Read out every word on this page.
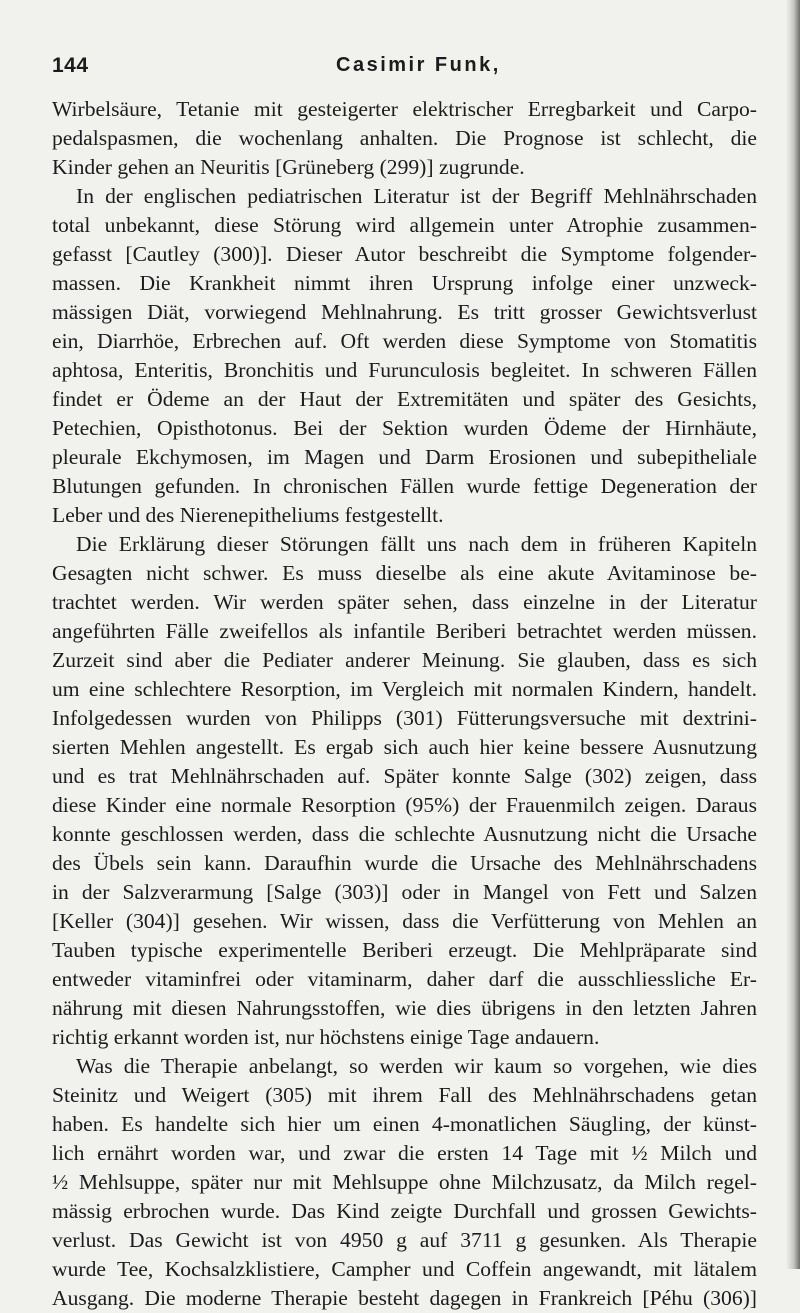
144	Casimir Funk,
Wirbelsäure, Tetanie mit gesteigerter elektrischer Erregbarkeit und Carpo-
pedalspasmen, die wochenlang anhalten. Die Prognose ist schlecht, die
Kinder gehen an Neuritis [Grüneberg (299)] zugrunde.
In der englischen pediatrischen Literatur ist der Begriff Mehlnährschaden
total unbekannt, diese Störung wird allgemein unter Atrophie zusammen-
gefasst [Cautley (300)]. Dieser Autor beschreibt die Symptome folgender-
massen. Die Krankheit nimmt ihren Ursprung infolge einer unzweck-
mässigen Diät, vorwiegend Mehlnahrung. Es tritt grosser Gewichtsverlust
ein, Diarrhöe, Erbrechen auf. Oft werden diese Symptome von Stomatitis
aphtosa, Enteritis, Bronchitis und Furunculosis begleitet. In schweren Fällen
findet er Ödeme an der Haut der Extremitäten und später des Gesichts,
Petechien, Opisthotonus. Bei der Sektion wurden Ödeme der Hirnhäute,
pleurale Ekchymosen, im Magen und Darm Erosionen und subepitheliale
Blutungen gefunden. In chronischen Fällen wurde fettige Degeneration der
Leber und des Nierenepitheliums festgestellt.
Die Erklärung dieser Störungen fällt uns nach dem in früheren Kapiteln
Gesagten nicht schwer. Es muss dieselbe als eine akute Avitaminose be-
trachtet werden. Wir werden später sehen, dass einzelne in der Literatur
angeführten Fälle zweifellos als infantile Beriberi betrachtet werden müssen.
Zurzeit sind aber die Pediater anderer Meinung. Sie glauben, dass es sich
um eine schlechtere Resorption, im Vergleich mit normalen Kindern, handelt.
Infolgedessen wurden von Philipps (301) Fütterungsversuche mit dextrini-
sierten Mehlen angestellt. Es ergab sich auch hier keine bessere Ausnutzung
und es trat Mehlnährschaden auf. Später konnte Salge (302) zeigen, dass
diese Kinder eine normale Resorption (95%) der Frauenmilch zeigen. Daraus
konnte geschlossen werden, dass die schlechte Ausnutzung nicht die Ursache
des Übels sein kann. Daraufhin wurde die Ursache des Mehlnährschadens
in der Salzverarmung [Salge (303)] oder in Mangel von Fett und Salzen
[Keller (304)] gesehen. Wir wissen, dass die Verfütterung von Mehlen an
Tauben typische experimentelle Beriberi erzeugt. Die Mehlpräparate sind
entweder vitaminfrei oder vitaminarm, daher darf die ausschliessliche Er-
nährung mit diesen Nahrungsstoffen, wie dies übrigens in den letzten Jahren
richtig erkannt worden ist, nur höchstens einige Tage andauern.
Was die Therapie anbelangt, so werden wir kaum so vorgehen, wie dies
Steinitz und Weigert (305) mit ihrem Fall des Mehlnährschadens getan
haben. Es handelte sich hier um einen 4-monatlichen Säugling, der künst-
lich ernährt worden war, und zwar die ersten 14 Tage mit ½ Milch und
½ Mehlsuppe, später nur mit Mehlsuppe ohne Milchzusatz, da Milch regel-
mässig erbrochen wurde. Das Kind zeigte Durchfall und grossen Gewichts-
verlust. Das Gewicht ist von 4950 g auf 3711 g gesunken. Als Therapie
wurde Tee, Kochsalzklistiere, Campher und Coffein angewandt, mit lätalem
Ausgang. Die moderne Therapie besteht dagegen in Frankreich [Péhu (306)]
